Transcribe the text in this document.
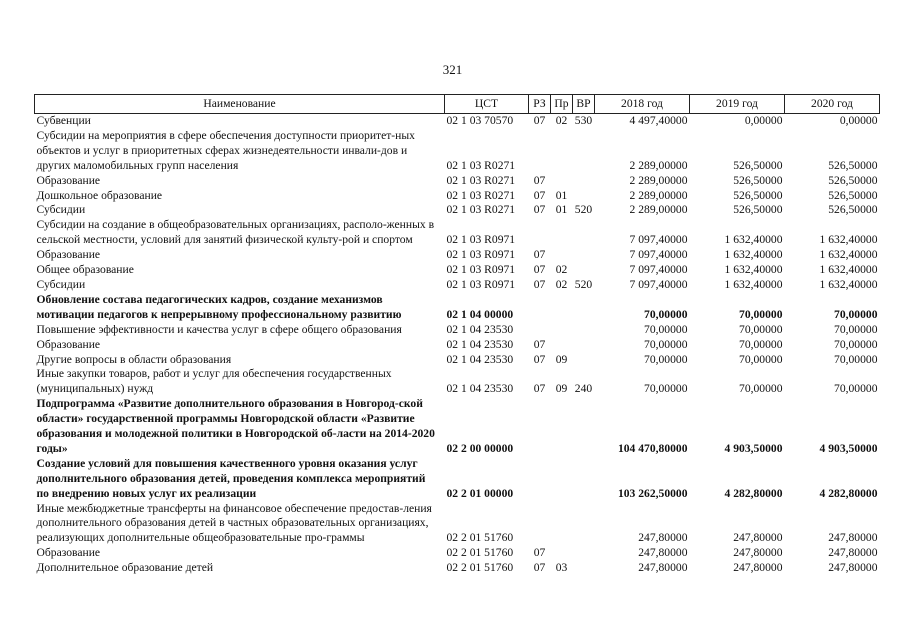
321
Наименование	ЦСТ	РЗ	Пр	ВР	2018 год	2019 год	2020 год
Субвенции	02 1 03 70570	07	02	530	4 497,40000	0,00000	0,00000
Субсидии на мероприятия в сфере обеспечения доступности приоритет-ных объектов и услуг в приоритетных сферах жизнедеятельности инвали-дов и других маломобильных групп населения	02 1 03 R0271				2 289,00000	526,50000	526,50000
Образование	02 1 03 R0271	07			2 289,00000	526,50000	526,50000
Дошкольное образование	02 1 03 R0271	07	01		2 289,00000	526,50000	526,50000
Субсидии	02 1 03 R0271	07	01	520	2 289,00000	526,50000	526,50000
Субсидии на создание в общеобразовательных организациях, располо-женных в сельской местности, условий для занятий физической культу-рой и спортом	02 1 03 R0971				7 097,40000	1 632,40000	1 632,40000
Образование	02 1 03 R0971	07			7 097,40000	1 632,40000	1 632,40000
Общее образование	02 1 03 R0971	07	02		7 097,40000	1 632,40000	1 632,40000
Субсидии	02 1 03 R0971	07	02	520	7 097,40000	1 632,40000	1 632,40000
Обновление состава педагогических кадров, создание механизмов мотивации педагогов к непрерывному профессиональному развитию	02 1 04 00000				70,00000	70,00000	70,00000
Повышение эффективности и качества услуг в сфере общего образования	02 1 04 23530				70,00000	70,00000	70,00000
Образование	02 1 04 23530	07			70,00000	70,00000	70,00000
Другие вопросы в области образования	02 1 04 23530	07	09		70,00000	70,00000	70,00000
Иные закупки товаров, работ и услуг для обеспечения государственных (муниципальных) нужд	02 1 04 23530	07	09	240	70,00000	70,00000	70,00000
Подпрограмма «Развитие дополнительного образования в Новгород-ской области» государственной программы Новгородской области «Развитие образования и молодежной политики в Новгородской об-ласти на 2014-2020 годы»	02 2 00 00000				104 470,80000	4 903,50000	4 903,50000
Создание условий для повышения качественного уровня оказания услуг дополнительного образования детей, проведения комплекса мероприятий по внедрению новых услуг их реализации	02 2 01 00000				103 262,50000	4 282,80000	4 282,80000
Иные межбюджетные трансферты на финансовое обеспечение предостав-ления дополнительного образования детей в частных образовательных организациях, реализующих дополнительные общеобразовательные про-граммы	02 2 01 51760				247,80000	247,80000	247,80000
Образование	02 2 01 51760	07			247,80000	247,80000	247,80000
Дополнительное образование детей	02 2 01 51760	07	03		247,80000	247,80000	247,80000
